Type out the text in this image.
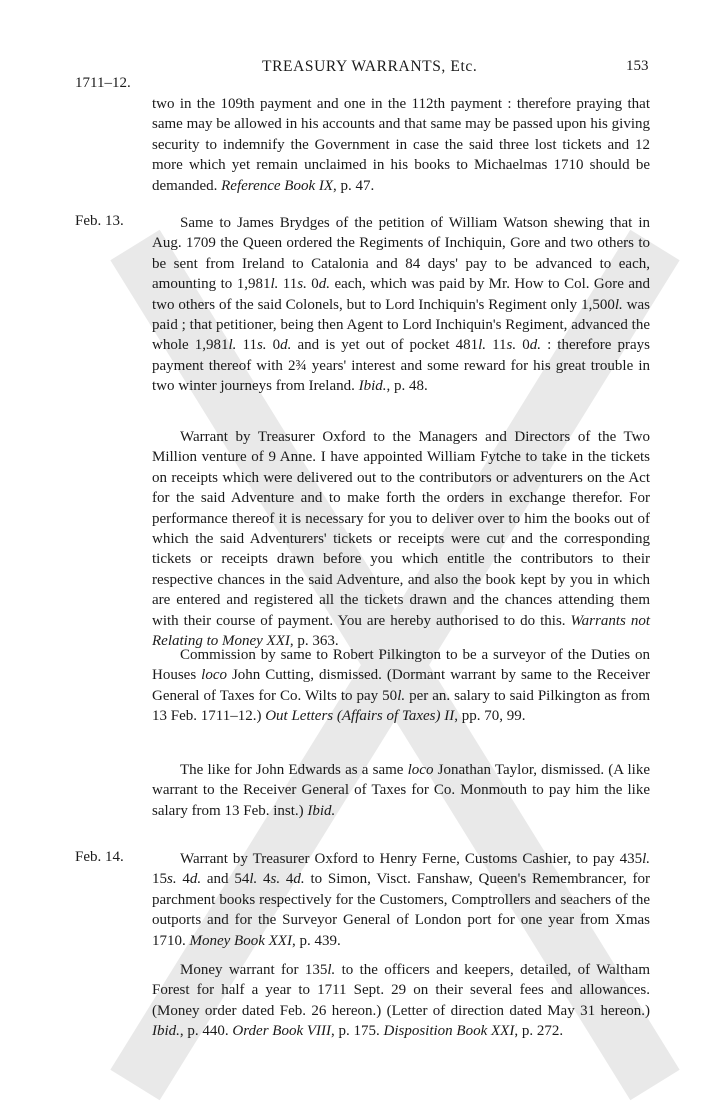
1711–12.
TREASURY WARRANTS, Etc.	153

two in the 109th payment and one in the 112th payment : therefore praying that same may be allowed in his accounts and that same may be passed upon his giving security to indemnify the Government in case the said three lost tickets and 12 more which yet remain unclaimed in his books to Michaelmas 1710 should be demanded. Reference Book IX, p. 47.

Feb. 13.	Same to James Brydges of the petition of William Watson shewing that in Aug. 1709 the Queen ordered the Regiments of Inchiquin, Gore and two others to be sent from Ireland to Catalonia and 84 days' pay to be advanced to each, amounting to 1,981l. 11s. 0d. each, which was paid by Mr. How to Col. Gore and two others of the said Colonels, but to Lord Inchiquin's Regiment only 1,500l. was paid ; that petitioner, being then Agent to Lord Inchiquin's Regiment, advanced the whole 1,981l. 11s. 0d. and is yet out of pocket 481l. 11s. 0d. : therefore prays payment thereof with 2¾ years' interest and some reward for his great trouble in two winter journeys from Ireland. Ibid., p. 48.

Warrant by Treasurer Oxford to the Managers and Directors of the Two Million venture of 9 Anne. I have appointed William Fytche to take in the tickets on receipts which were delivered out to the contributors or adventurers on the Act for the said Adventure and to make forth the orders in exchange therefor. For performance thereof it is necessary for you to deliver over to him the books out of which the said Adventurers' tickets or receipts were cut and the corresponding tickets or receipts drawn before you which entitle the contributors to their respective chances in the said Adventure, and also the book kept by you in which are entered and registered all the tickets drawn and the chances attending them with their course of payment. You are hereby authorised to do this. Warrants not Relating to Money XXI, p. 363.

Commission by same to Robert Pilkington to be a surveyor of the Duties on Houses loco John Cutting, dismissed. (Dormant warrant by same to the Receiver General of Taxes for Co. Wilts to pay 50l. per an. salary to said Pilkington as from 13 Feb. 1711–12.) Out Letters (Affairs of Taxes) II, pp. 70, 99.

The like for John Edwards as a same loco Jonathan Taylor, dismissed. (A like warrant to the Receiver General of Taxes for Co. Monmouth to pay him the like salary from 13 Feb. inst.) Ibid.

Feb. 14.	Warrant by Treasurer Oxford to Henry Ferne, Customs Cashier, to pay 435l. 15s. 4d. and 54l. 4s. 4d. to Simon, Visct. Fanshaw, Queen's Remembrancer, for parchment books respectively for the Customers, Comptrollers and seachers of the outports and for the Surveyor General of London port for one year from Xmas 1710. Money Book XXI, p. 439.

Money warrant for 135l. to the officers and keepers, detailed, of Waltham Forest for half a year to 1711 Sept. 29 on their several fees and allowances. (Money order dated Feb. 26 hereon.) (Letter of direction dated May 31 hereon.) Ibid., p. 440. Order Book VIII, p. 175. Disposition Book XXI, p. 272.
